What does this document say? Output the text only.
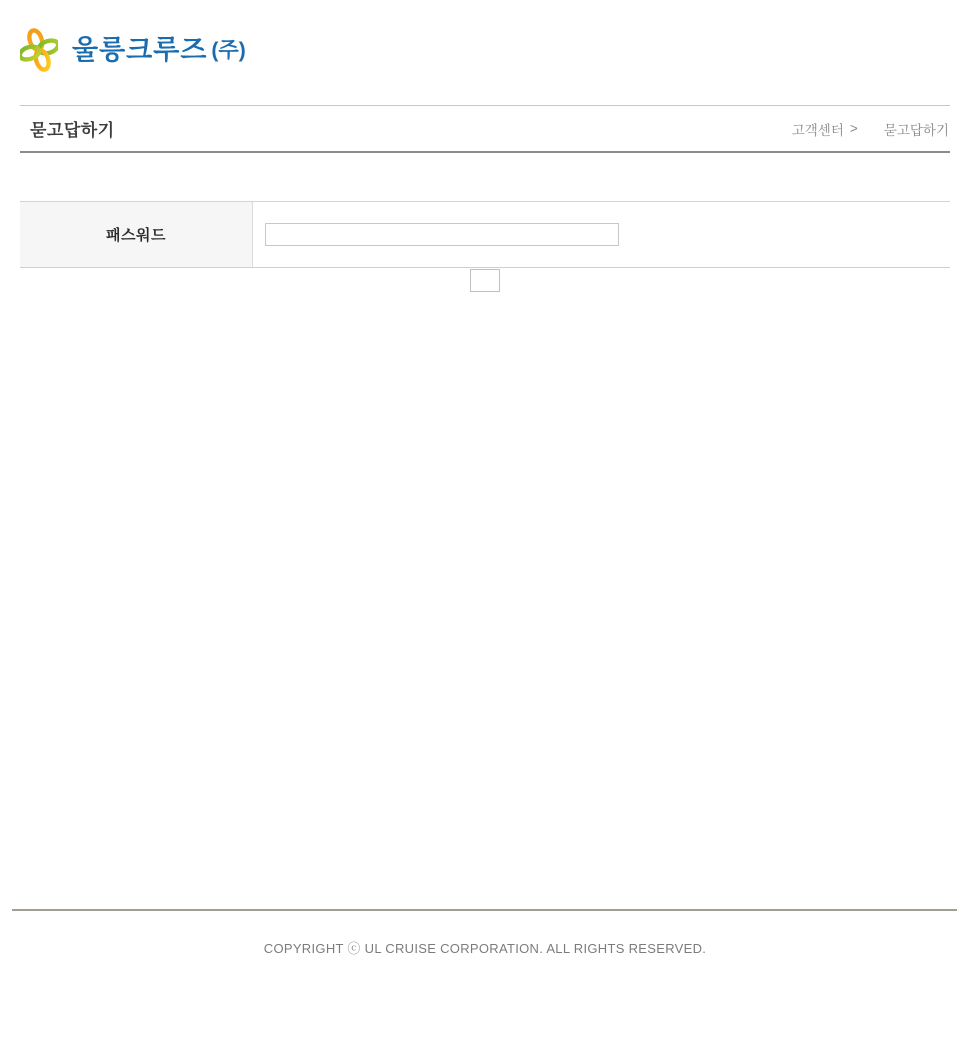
울릉크루즈 (주)
묻고답하기	고객센터 > 묻고답하기
패스워드

COPYRIGHT ⓒ UL CRUISE CORPORATION. ALL RIGHTS RESERVED.
